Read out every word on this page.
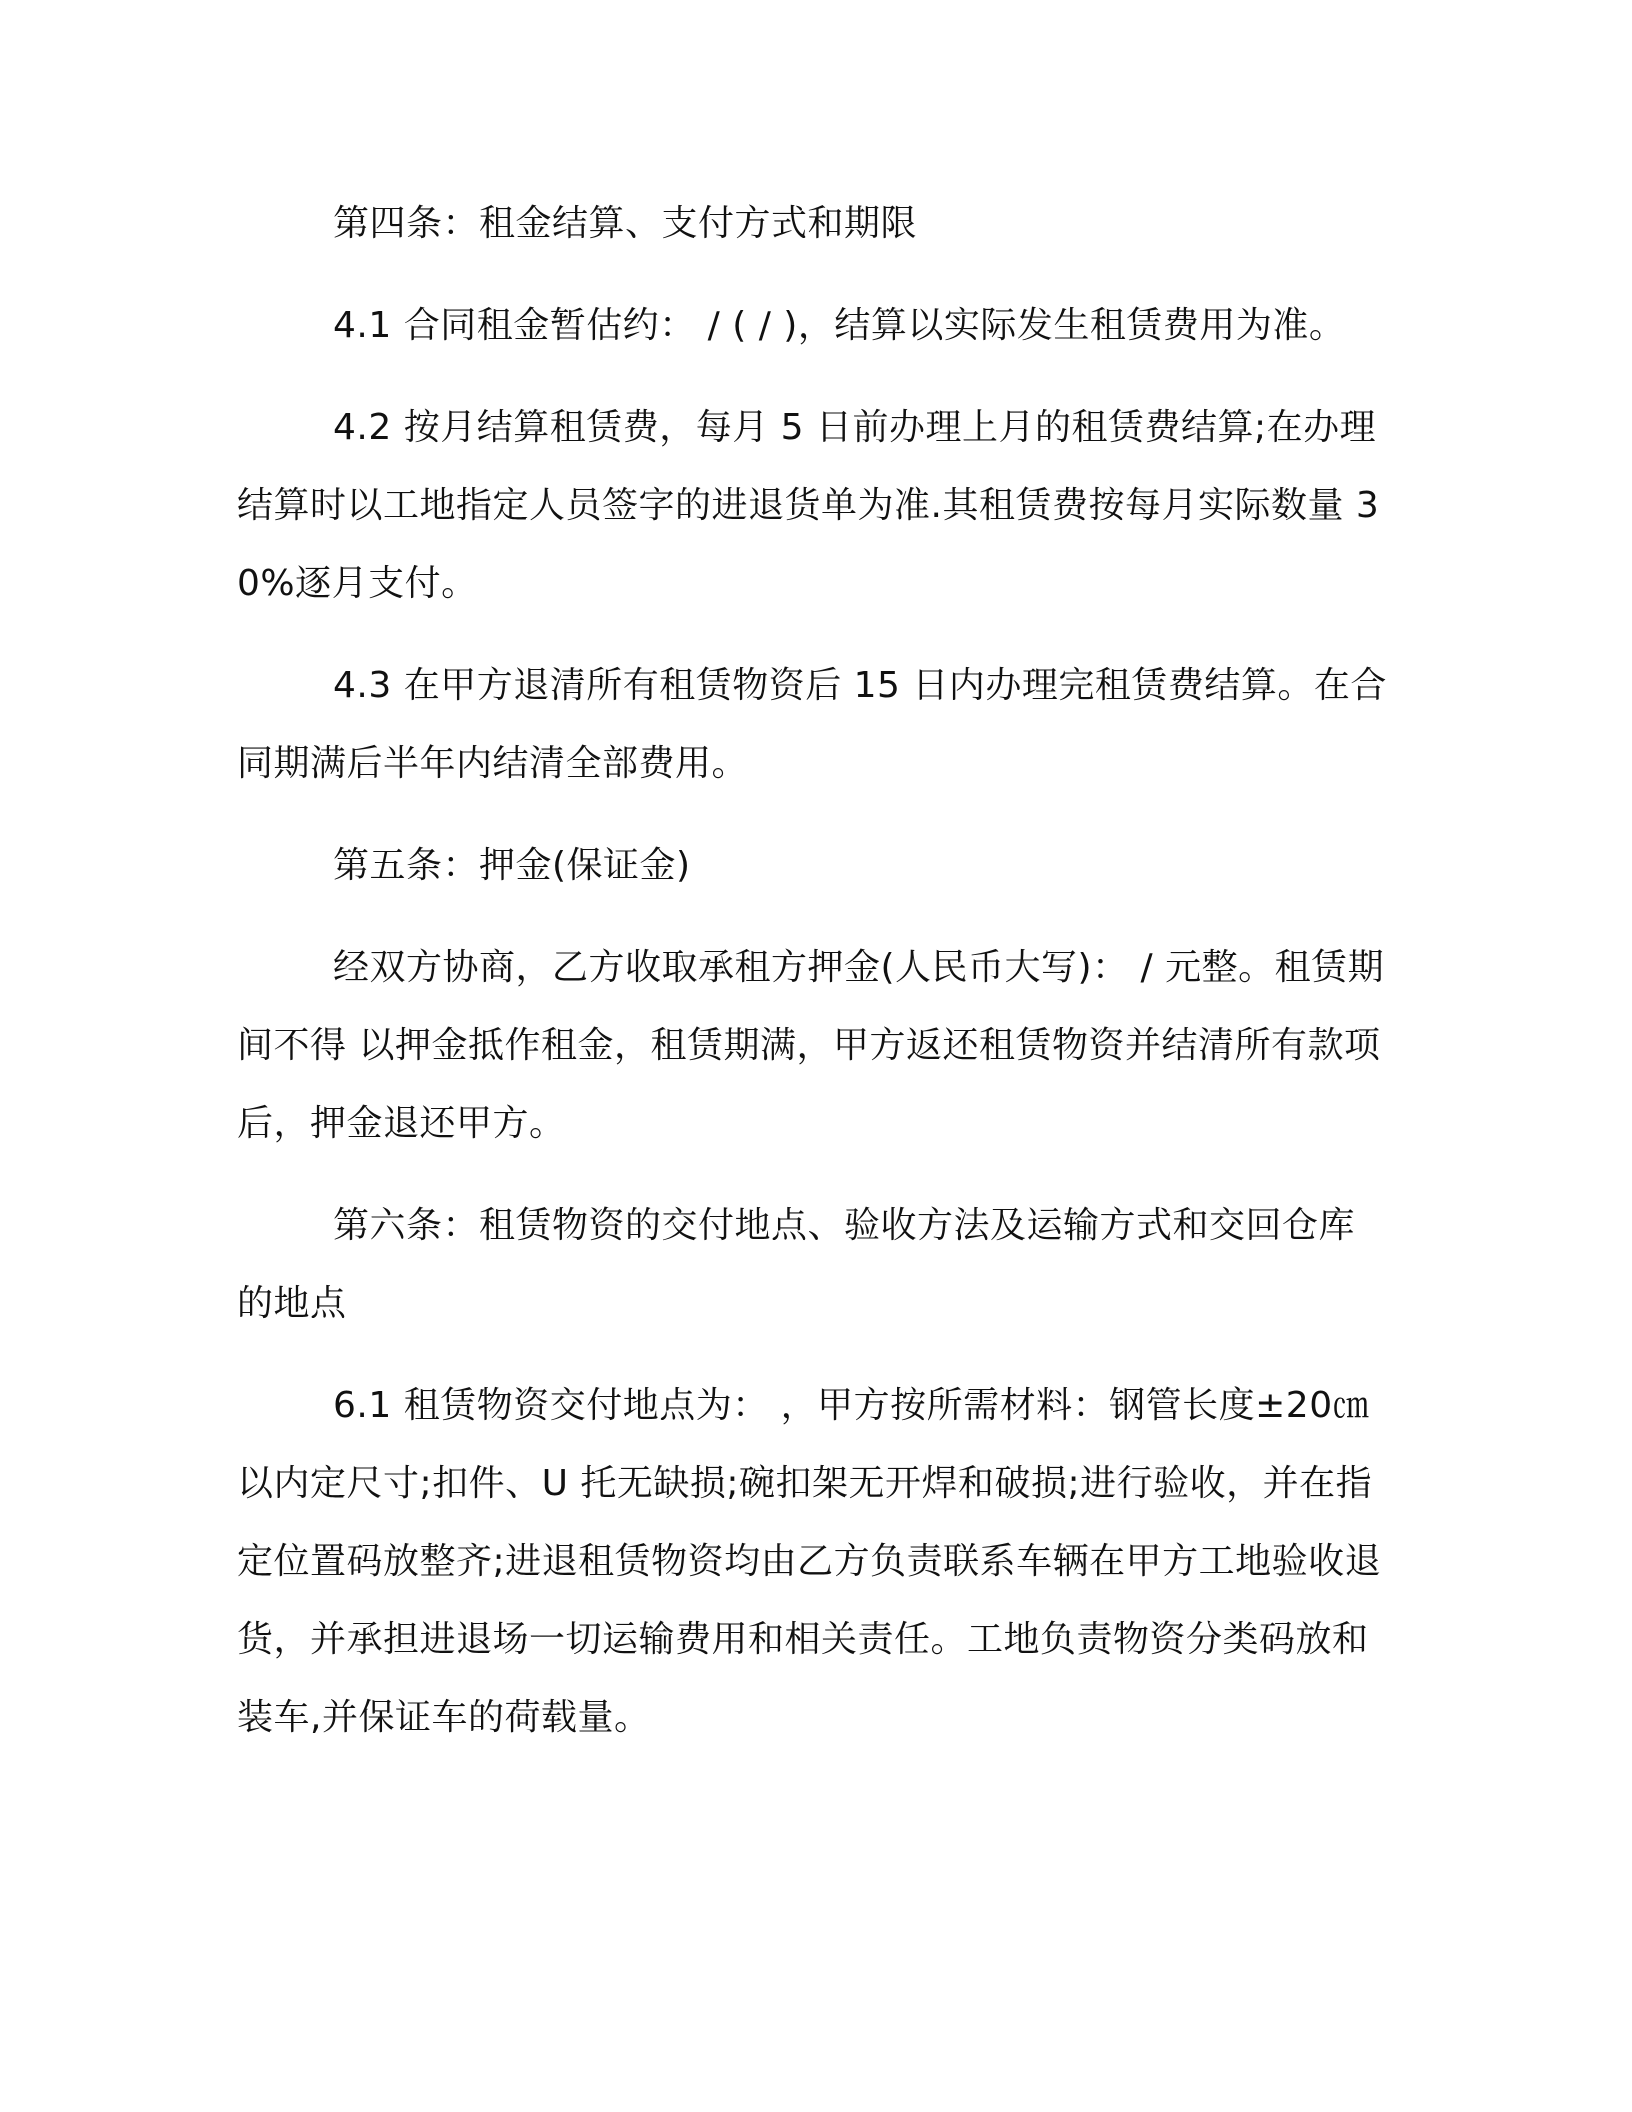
第四条：租金结算、支付方式和期限

4.1 合同租金暂估约： / ( / )，结算以实际发生租赁费用为准。

4.2 按月结算租赁费，每月 5 日前办理上月的租赁费结算;在办理结算时以工地指定人员签字的进退货单为准.其租赁费按每月实际数量 30%逐月支付。

4.3 在甲方退清所有租赁物资后 15 日内办理完租赁费结算。在合同期满后半年内结清全部费用。

第五条：押金(保证金)

经双方协商，乙方收取承租方押金(人民币大写)： / 元整。租赁期间不得 以押金抵作租金，租赁期满，甲方返还租赁物资并结清所有款项后，押金退还甲方。

第六条：租赁物资的交付地点、验收方法及运输方式和交回仓库的地点

6.1 租赁物资交付地点为： ，甲方按所需材料：钢管长度±20㎝以内定尺寸;扣件、U 托无缺损;碗扣架无开焊和破损;进行验收，并在指定位置码放整齐;进退租赁物资均由乙方负责联系车辆在甲方工地验收退货，并承担进退场一切运输费用和相关责任。工地负责物资分类码放和装车,并保证车的荷载量。
